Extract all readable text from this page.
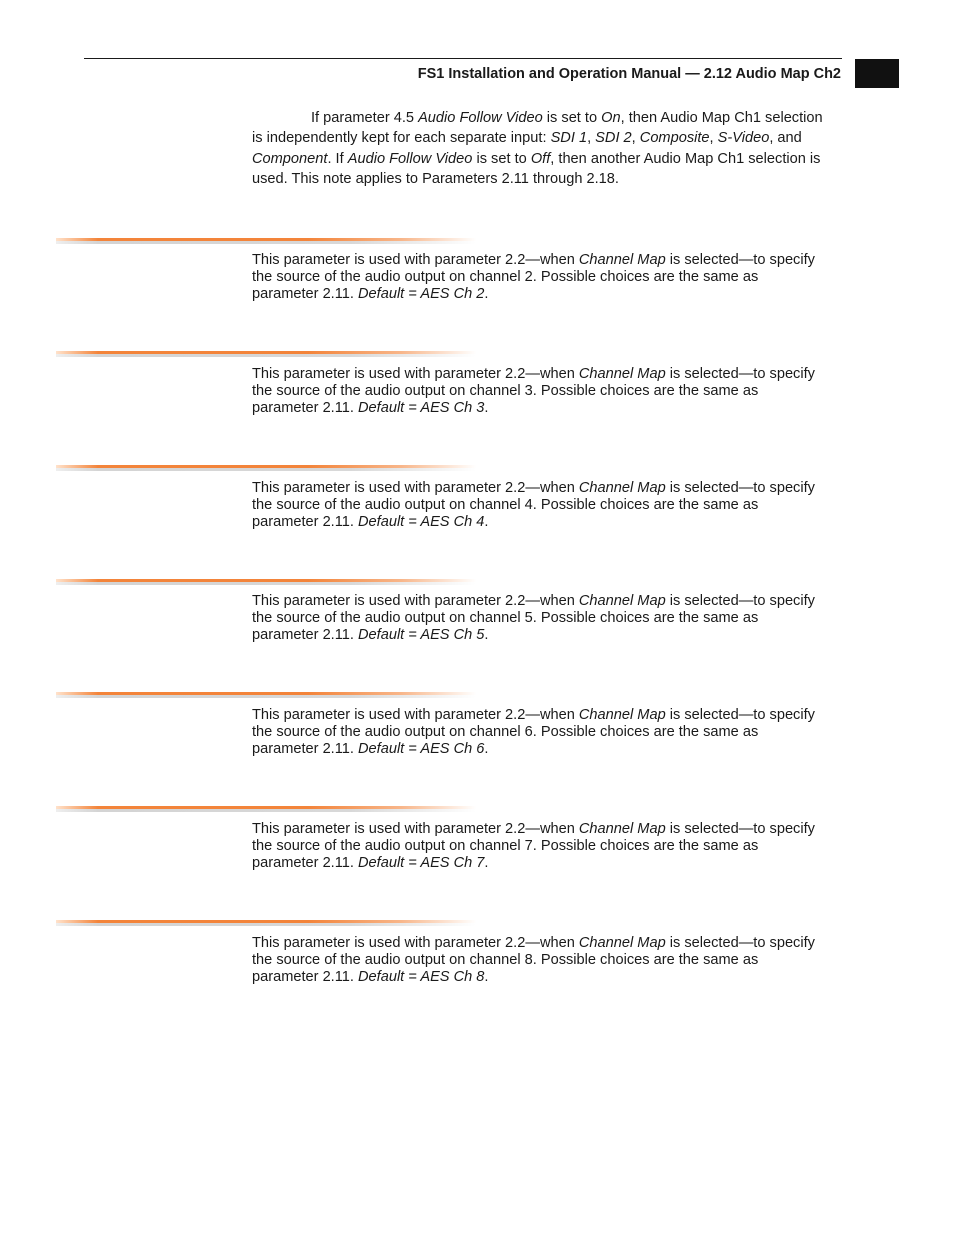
FS1 Installation and Operation Manual — 2.12 Audio Map Ch2
If parameter 4.5 Audio Follow Video is set to On, then Audio Map Ch1 selection
is independently kept for each separate input: SDI 1, SDI 2, Composite, S-Video, and
Component. If Audio Follow Video is set to Off, then another Audio Map Ch1 selection is
used. This note applies to Parameters 2.11 through 2.18.
This parameter is used with parameter 2.2—when Channel Map is selected—to specify
the source of the audio output on channel 2. Possible choices are the same as
parameter 2.11. Default = AES Ch 2.
This parameter is used with parameter 2.2—when Channel Map is selected—to specify
the source of the audio output on channel 3. Possible choices are the same as
parameter 2.11. Default = AES Ch 3.
This parameter is used with parameter 2.2—when Channel Map is selected—to specify
the source of the audio output on channel 4. Possible choices are the same as
parameter 2.11. Default = AES Ch 4.
This parameter is used with parameter 2.2—when Channel Map is selected—to specify
the source of the audio output on channel 5. Possible choices are the same as
parameter 2.11. Default = AES Ch 5.
This parameter is used with parameter 2.2—when Channel Map is selected—to specify
the source of the audio output on channel 6. Possible choices are the same as
parameter 2.11. Default = AES Ch 6.
This parameter is used with parameter 2.2—when Channel Map is selected—to specify
the source of the audio output on channel 7. Possible choices are the same as
parameter 2.11. Default = AES Ch 7.
This parameter is used with parameter 2.2—when Channel Map is selected—to specify
the source of the audio output on channel 8. Possible choices are the same as
parameter 2.11. Default = AES Ch 8.
